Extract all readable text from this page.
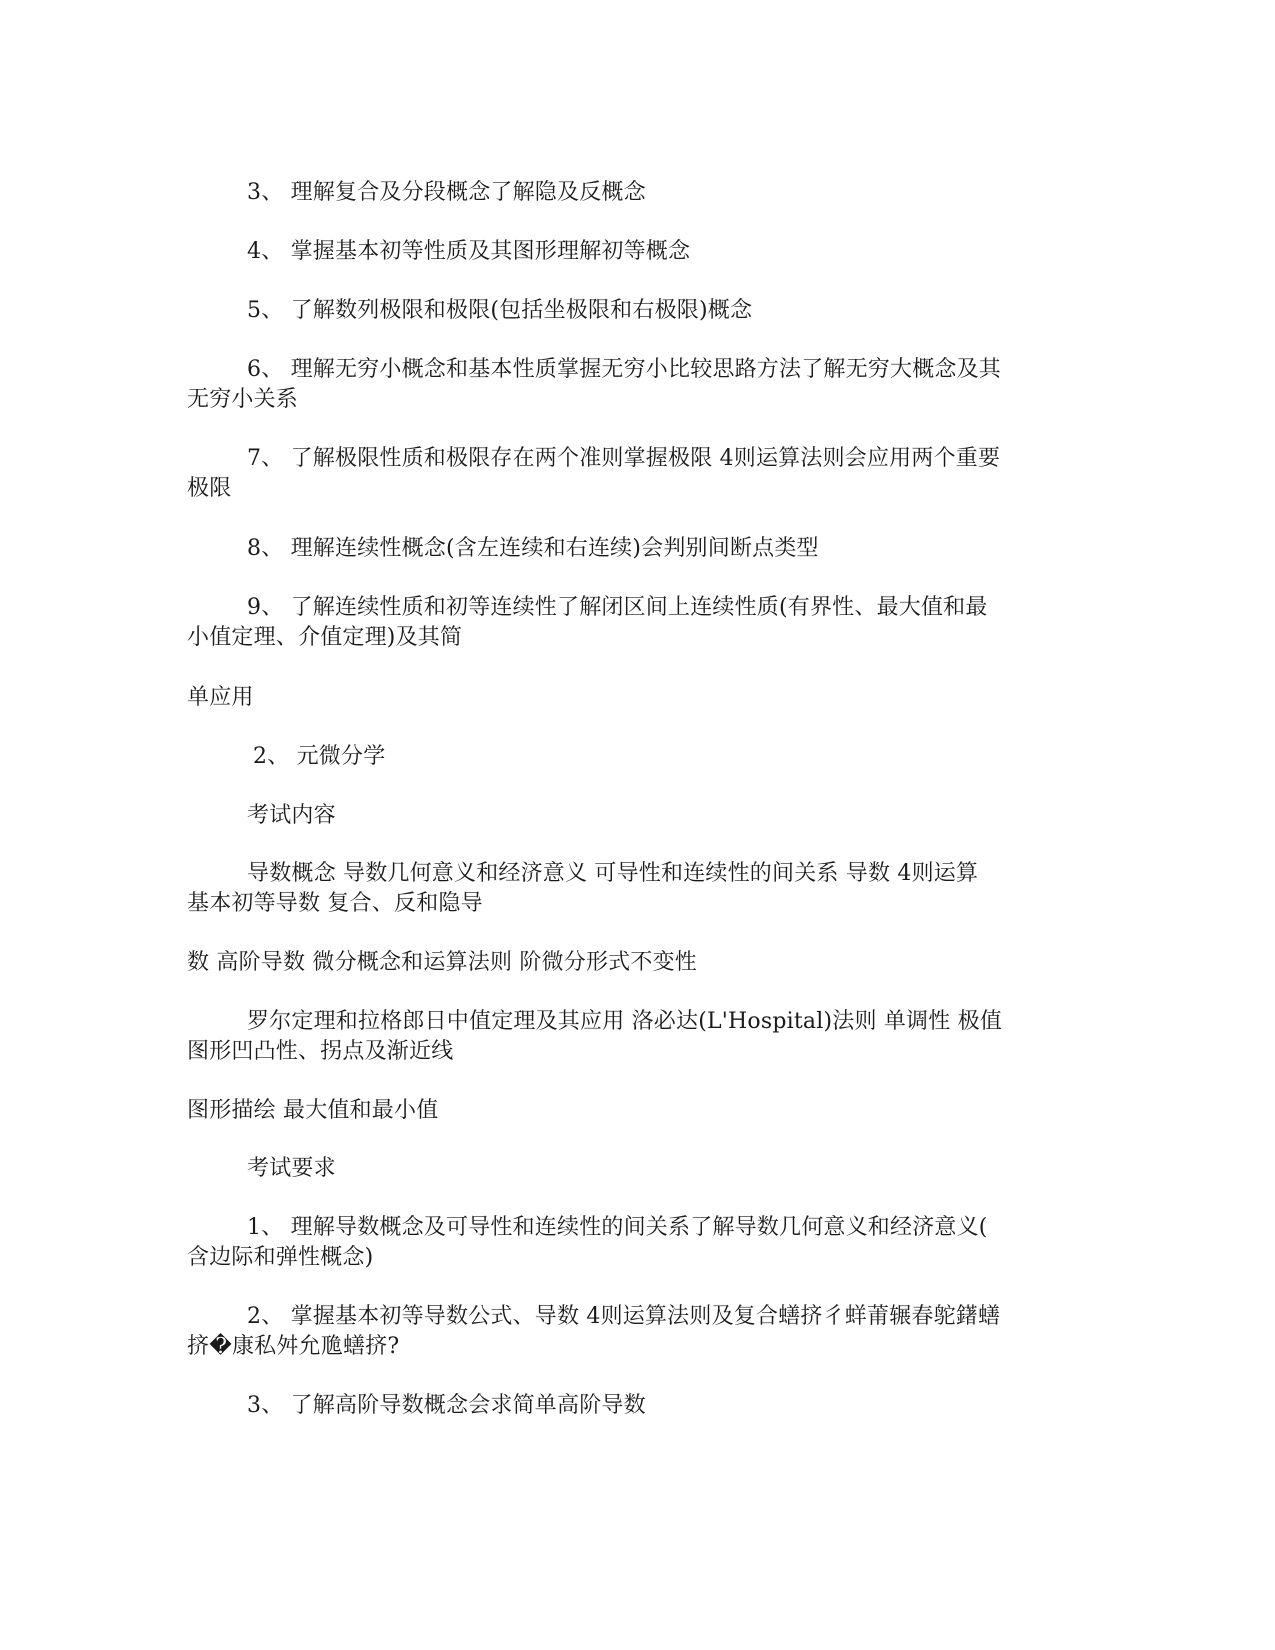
3、 理解复合及分段概念了解隐及反概念
4、 掌握基本初等性质及其图形理解初等概念
5、 了解数列极限和极限(包括坐极限和右极限)概念
6、 理解无穷小概念和基本性质掌握无穷小比较思路方法了解无穷大概念及其
无穷小关系
7、 了解极限性质和极限存在两个准则掌握极限 4则运算法则会应用两个重要
极限
8、 理解连续性概念(含左连续和右连续)会判别间断点类型
9、 了解连续性质和初等连续性了解闭区间上连续性质(有界性、最大值和最
小值定理、介值定理)及其简
单应用
2、 元微分学
考试内容
导数概念 导数几何意义和经济意义 可导性和连续性的间关系 导数 4则运算
基本初等导数 复合、反和隐导
数 高阶导数 微分概念和运算法则 阶微分形式不变性
罗尔定理和拉格郎日中值定理及其应用 洛必达(L'Hospital)法则 单调性 极值
图形凹凸性、拐点及渐近线
图形描绘 最大值和最小值
考试要求
1、 理解导数概念及可导性和连续性的间关系了解导数几何意义和经济意义(
含边际和弹性概念)
2、 掌握基本初等导数公式、导数 4则运算法则及复合蟮挤彳蛘莆辗春鸵鐯蟮
挤�康私舛允卼蟮挤?
3、 了解高阶导数概念会求简单高阶导数
